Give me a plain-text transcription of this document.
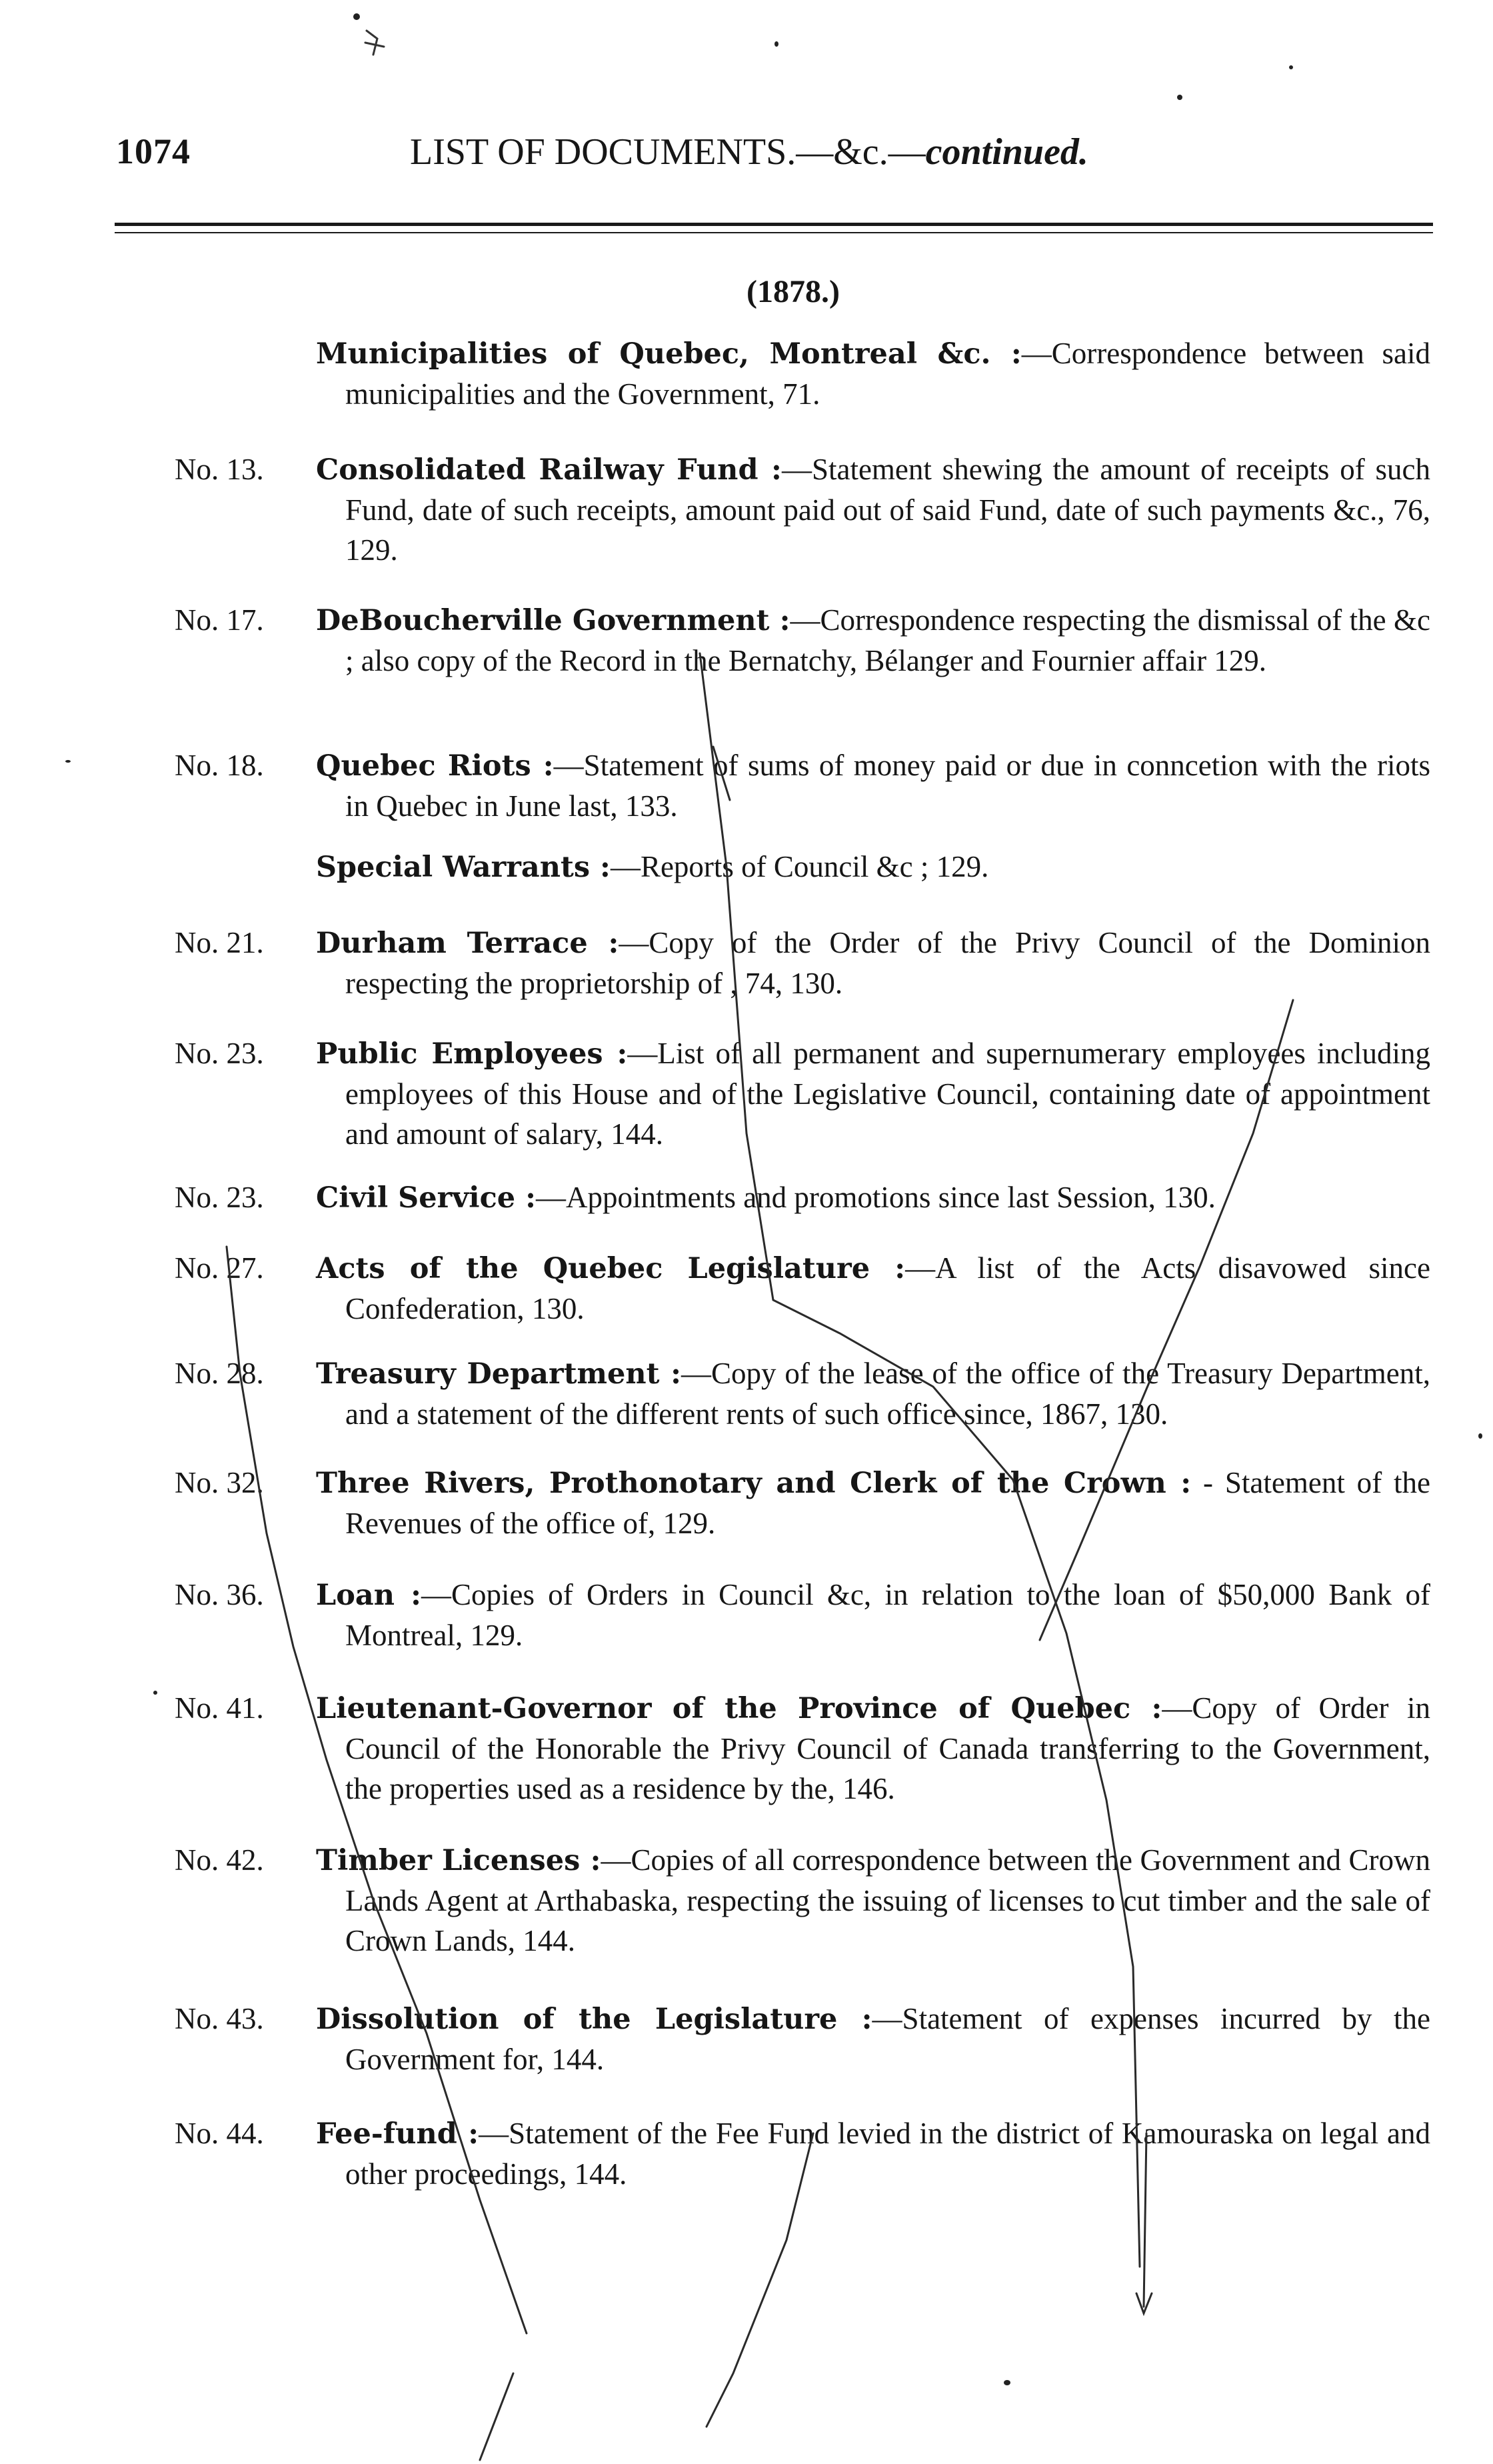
1074	LIST OF DOCUMENTS.—&c.—continued.
(1878.)
Municipalities of Quebec, Montreal &c. :—Correspondence between said municipalities and the Government, 71.
No. 13. Consolidated Railway Fund :—Statement shewing the amount of receipts of such Fund, date of such receipts, amount paid out of said Fund, date of such payments &c., 76, 129.
No. 17. DeBoucherville Government :—Correspondence respecting the dismissal of the &c ; also copy of the Record in the Bernatchy, Bélanger and Fournier affair 129.
No. 18. Quebec Riots :—Statement of sums of money paid or due in conncetion with the riots in Quebec in June last, 133.
Special Warrants :—Reports of Council &c ; 129.
No. 21. Durham Terrace :—Copy of the Order of the Privy Council of the Dominion respecting the proprietorship of , 74, 130.
No. 23. Public Employees :—List of all permanent and supernumerary employees including employees of this House and of the Legislative Council, containing date of appointment and amount of salary, 144.
No. 23. Civil Service :—Appointments and promotions since last Session, 130.
No. 27. Acts of the Quebec Legislature :—A list of the Acts disavowed since Confederation, 130.
No. 28. Treasury Department :—Copy of the lease of the office of the Treasury Department, and a statement of the different rents of such office since, 1867, 130.
No. 32. Three Rivers, Prothonotary and Clerk of the Crown : - Statement of the Revenues of the office of, 129.
No. 36. Loan :—Copies of Orders in Council &c, in relation to the loan of $50,000 Bank of Montreal, 129.
No. 41. Lieutenant-Governor of the Province of Quebec :—Copy of Order in Council of the Honorable the Privy Council of Canada transferring to the Government, the properties used as a residence by the, 146.
No. 42. Timber Licenses :—Copies of all correspondence between the Government and Crown Lands Agent at Arthabaska, respecting the issuing of licenses to cut timber and the sale of Crown Lands, 144.
No. 43. Dissolution of the Legislature :—Statement of expenses incurred by the Government for, 144.
No. 44. Fee-fund :—Statement of the Fee Fund levied in the district of Kamouraska on legal and other proceedings, 144.
